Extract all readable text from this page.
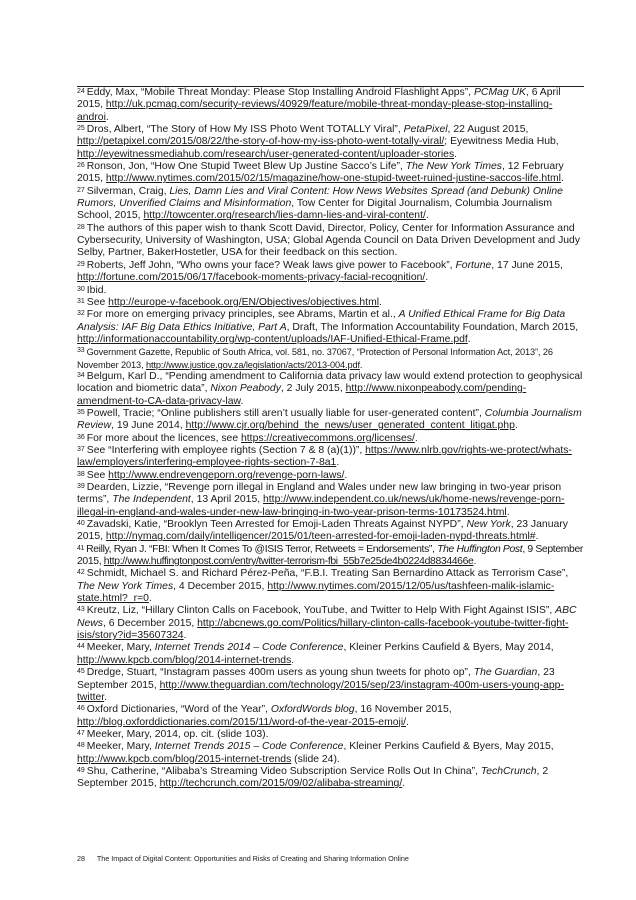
$^{24}$ Eddy, Max, “Mobile Threat Monday: Please Stop Installing Android Flashlight Apps”, PCMag UK, 6 April 2015, http://uk.pcmag.com/security-reviews/40929/feature/mobile-threat-monday-please-stop-installing-androi.

$^{25}$ Dros, Albert, “The Story of How My ISS Photo Went TOTALLY Viral”, PetaPixel, 22 August 2015, http://petapixel.com/2015/08/22/the-story-of-how-my-iss-photo-went-totally-viral/; Eyewitness Media Hub, http://eyewitnessmediahub.com/research/user-generated-content/uploader-stories.

$^{26}$ Ronson, Jon, “How One Stupid Tweet Blew Up Justine Sacco’s Life”, The New York Times, 12 February 2015, http://www.nytimes.com/2015/02/15/magazine/how-one-stupid-tweet-ruined-justine-saccos-life.html.

$^{27}$ Silverman, Craig, Lies, Damn Lies and Viral Content: How News Websites Spread (and Debunk) Online Rumors, Unverified Claims and Misinformation, Tow Center for Digital Journalism, Columbia Journalism School, 2015, http://towcenter.org/research/lies-damn-lies-and-viral-content/.

$^{28}$ The authors of this paper wish to thank Scott David, Director, Policy, Center for Information Assurance and Cybersecurity, University of Washington, USA; Global Agenda Council on Data Driven Development and Judy Selby, Partner, BakerHostetler, USA for their feedback on this section.

$^{29}$ Roberts, Jeff John, “Who owns your face? Weak laws give power to Facebook”, Fortune, 17 June 2015, http://fortune.com/2015/06/17/facebook-moments-privacy-facial-recognition/.

$^{30}$ Ibid.

$^{31}$ See http://europe-v-facebook.org/EN/Objectives/objectives.html.

$^{32}$ For more on emerging privacy principles, see Abrams, Martin et al., A Unified Ethical Frame for Big Data Analysis: IAF Big Data Ethics Initiative, Part A, Draft, The Information Accountability Foundation, March 2015, http://informationaccountability.org/wp-content/uploads/IAF-Unified-Ethical-Frame.pdf.

$^{33}$ Government Gazette, Republic of South Africa, vol. 581, no. 37067, “Protection of Personal Information Act, 2013”, 26 November 2013, http://www.justice.gov.za/legislation/acts/2013-004.pdf.

$^{34}$ Belgum, Karl D., “Pending amendment to California data privacy law would extend protection to geophysical location and biometric data”, Nixon Peabody, 2 July 2015, http://www.nixonpeabody.com/pending-amendment-to-CA-data-privacy-law.

$^{35}$ Powell, Tracie; “Online publishers still aren’t usually liable for user-generated content”, Columbia Journalism Review, 19 June 2014, http://www.cjr.org/behind_the_news/user_generated_content_litigat.php.

$^{36}$ For more about the licences, see https://creativecommons.org/licenses/.

$^{37}$ See “Interfering with employee rights (Section 7 & 8 (a)(1))”, https://www.nlrb.gov/rights-we-protect/whats-law/employers/interfering-employee-rights-section-7-8a1.

$^{38}$ See http://www.endrevengeporn.org/revenge-porn-laws/.

$^{39}$ Dearden, Lizzie, “Revenge porn illegal in England and Wales under new law bringing in two-year prison terms”, The Independent, 13 April 2015, http://www.independent.co.uk/news/uk/home-news/revenge-porn-illegal-in-england-and-wales-under-new-law-bringing-in-two-year-prison-terms-10173524.html.

$^{40}$ Zavadski, Katie, “Brooklyn Teen Arrested for Emoji-Laden Threats Against NYPD”, New York, 23 January 2015, http://nymag.com/daily/intelligencer/2015/01/teen-arrested-for-emoji-laden-nypd-threats.html#.

$^{41}$ Reilly, Ryan J. “FBI: When It Comes To @ISIS Terror, Retweets = Endorsements”, The Huffington Post, 9 September 2015, http://www.huffingtonpost.com/entry/twitter-terrorism-fbi_55b7e25de4b0224d8834466e.

$^{42}$ Schmidt, Michael S. and Richard Pérez-Peña, “F.B.I. Treating San Bernardino Attack as Terrorism Case”, The New York Times, 4 December 2015, http://www.nytimes.com/2015/12/05/us/tashfeen-malik-islamic-state.html?_r=0.

$^{43}$ Kreutz, Liz, “Hillary Clinton Calls on Facebook, YouTube, and Twitter to Help With Fight Against ISIS”, ABC News, 6 December 2015, http://abcnews.go.com/Politics/hillary-clinton-calls-facebook-youtube-twitter-fight-isis/story?id=35607324.

$^{44}$ Meeker, Mary, Internet Trends 2014 – Code Conference, Kleiner Perkins Caufield & Byers, May 2014, http://www.kpcb.com/blog/2014-internet-trends.

$^{45}$ Dredge, Stuart, “Instagram passes 400m users as young shun tweets for photo op”, The Guardian, 23 September 2015, http://www.theguardian.com/technology/2015/sep/23/instagram-400m-users-young-app-twitter.

$^{46}$ Oxford Dictionaries, “Word of the Year”, OxfordWords blog, 16 November 2015, http://blog.oxforddictionaries.com/2015/11/word-of-the-year-2015-emoji/.

$^{47}$ Meeker, Mary, 2014, op. cit. (slide 103).

$^{48}$ Meeker, Mary, Internet Trends 2015 – Code Conference, Kleiner Perkins Caufield & Byers, May 2015, http://www.kpcb.com/blog/2015-internet-trends (slide 24).

$^{49}$ Shu, Catherine, “Alibaba’s Streaming Video Subscription Service Rolls Out In China”, TechCrunch, 2 September 2015, http://techcrunch.com/2015/09/02/alibaba-streaming/.

28 The Impact of Digital Content: Opportunities and Risks of Creating and Sharing Information Online
